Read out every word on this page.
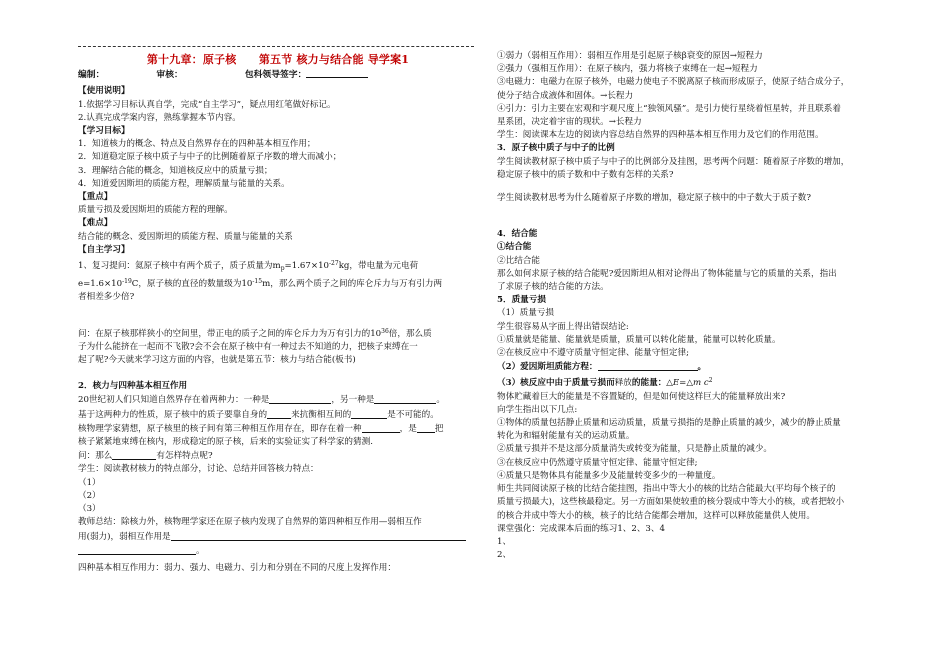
第十九章：原子核　　第五节 核力与结合能 导学案1
编制：	审核：	包科领导签字：

【使用说明】

1.依据学习目标认真自学，完成“自主学习”，疑点用红笔做好标记。

2.认真完成学案内容，熟练掌握本节内容。

【学习目标】

1．知道核力的概念、特点及自然界存在的四种基本相互作用；

2．知道稳定原子核中质子与中子的比例随着原子序数的增大而减小；

3．理解结合能的概念，知道核反应中的质量亏损；

4．知道爱因斯坦的质能方程，理解质量与能量的关系。

【重点】

质量亏损及爱因斯坦的质能方程的理解。

【难点】

结合能的概念、爱因斯坦的质能方程、质量与能量的关系

【自主学习】

1、复习提问：氦原子核中有两个质子，质子质量为$m_p=1.67\times 10^{-27}kg$，带电量为元电荷

$e=1.6\times 10^{-19}C$，原子核的直径的数量级为$10^{-15}m$，那么两个质子之间的库仑斥力与万有引力两

者相差多少倍?

问：在原子核那样狭小的空间里，带正电的质子之间的库仑斥力为万有引力的$10^{36}$倍，那么质

子为什么能挤在一起而不飞散?会不会在原子核中有一种过去不知道的力，把核子束缚在一

起了呢?今天就来学习这方面的内容，也就是第五节：核力与结合能(板书)

2．核力与四种基本相互作用

20世纪初人们只知道自然界存在着两种力：一种是	，另一种是	。

基于这两种力的性质，原子核中的质子要靠自身的	来抗衡相互间的	是不可能的。

核物理学家猜想，原子核里的核子间有第三种相互作用存在，即存在着一种	，是 把

核子紧紧地束缚在核内，形成稳定的原子核，后来的实验证实了科学家的猜测.

问：那么	有怎样特点呢?

学生：阅读教材核力的特点部分，讨论、总结并回答核力特点：

（1）

（2）

（3）

教师总结：除核力外，核物理学家还在原子核内发现了自然界的第四种相互作用—弱相互作

用(弱力)，弱相互作用是

。

四种基本相互作用力：弱力、强力、电磁力、引力和分别在不同的尺度上发挥作用：

①弱力（弱相互作用）：弱相互作用是引起原子核β衰变的原因→短程力

②强力（强相互作用）：在原子核内，强力将核子束缚在一起→短程力

③电磁力：电磁力在原子核外，电磁力使电子不脱离原子核而形成原子，使原子结合成分子，

使分子结合成液体和固体。→长程力

④引力：引力主要在宏观和宇观尺度上“独领风骚”。是引力使行星绕着恒星转，并且联系着

星系团，决定着宇宙的现状。→长程力

学生：阅读课本左边的阅读内容总结自然界的四种基本相互作用力及它们的作用范围。

3．原子核中质子与中子的比例

学生阅读教材原子核中质子与中子的比例部分及挂图，思考两个问题：随着原子序数的增加，

稳定原子核中的质子数和中子数有怎样的关系?

学生阅读教材思考为什么随着原子序数的增加，稳定原子核中的中子数大于质子数?

4．结合能

①结合能

②比结合能

那么如何求原子核的结合能呢?爱因斯坦从相对论得出了物体能量与它的质量的关系，指出

了求原子核的结合能的方法。

5．质量亏损

（1）质量亏损

学生很容易从字面上得出错误结论:

①质量就是能量、能量就是质量，质量可以转化能量，能量可以转化质量。

②在核反应中不遵守质量守恒定律、能量守恒定律;

（2）爱因斯坦质能方程：	。

（3）核反应中由于质量亏损而释放的能量：△E=△m $c^2$

物体贮藏着巨大的能量是不容置疑的，但是如何使这样巨大的能量释放出来?

向学生指出以下几点:

①物体的质量包括静止质量和运动质量，质量亏损指的是静止质量的减少，减少的静止质量

转化为和辐射能量有关的运动质量。

②质量亏损并不是这部分质量消失或转变为能量，只是静止质量的减少。

③在核反应中仍然遵守质量守恒定律、能量守恒定律;

④质量只是物体具有能量多少及能量转变多少的一种量度。

师生共同阅读原子核的比结合能挂图，指出中等大小的核的比结合能最大(平均每个核子的

质量亏损最大)，这些核最稳定。另一方面如果使较重的核分裂成中等大小的核，或者把较小

的核合并成中等大小的核，核子的比结合能都会增加，这样可以释放能量供人使用。

课堂强化：完成课本后面的练习1、2、3、4

1、

2、
